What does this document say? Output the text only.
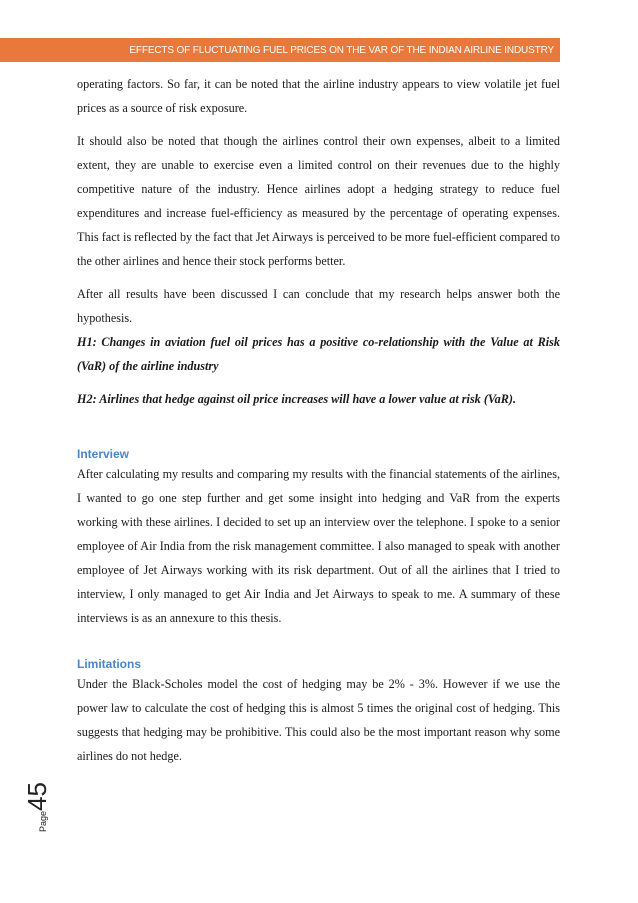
EFFECTS OF FLUCTUATING FUEL PRICES ON THE VAR OF THE INDIAN AIRLINE INDUSTRY

operating factors. So far, it can be noted that the airline industry appears to view volatile jet fuel prices as a source of risk exposure.

It should also be noted that though the airlines control their own expenses, albeit to a limited extent, they are unable to exercise even a limited control on their revenues due to the highly competitive nature of the industry. Hence airlines adopt a hedging strategy to reduce fuel expenditures and increase fuel-efficiency as measured by the percentage of operating expenses. This fact is reflected by the fact that Jet Airways is perceived to be more fuel-efficient compared to the other airlines and hence their stock performs better.

After all results have been discussed I can conclude that my research helps answer both the hypothesis.

H1: Changes in aviation fuel oil prices has a positive co-relationship with the Value at Risk (VaR) of the airline industry

H2: Airlines that hedge against oil price increases will have a lower value at risk (VaR).

Interview

After calculating my results and comparing my results with the financial statements of the airlines, I wanted to go one step further and get some insight into hedging and VaR from the experts working with these airlines. I decided to set up an interview over the telephone. I spoke to a senior employee of Air India from the risk management committee. I also managed to speak with another employee of Jet Airways working with its risk department. Out of all the airlines that I tried to interview, I only managed to get Air India and Jet Airways to speak to me. A summary of these interviews is as an annexure to this thesis.

Limitations

Under the Black-Scholes model the cost of hedging may be 2% - 3%. However if we use the power law to calculate the cost of hedging this is almost 5 times the original cost of hedging. This suggests that hedging may be prohibitive. This could also be the most important reason why some airlines do not hedge.

Page
45
